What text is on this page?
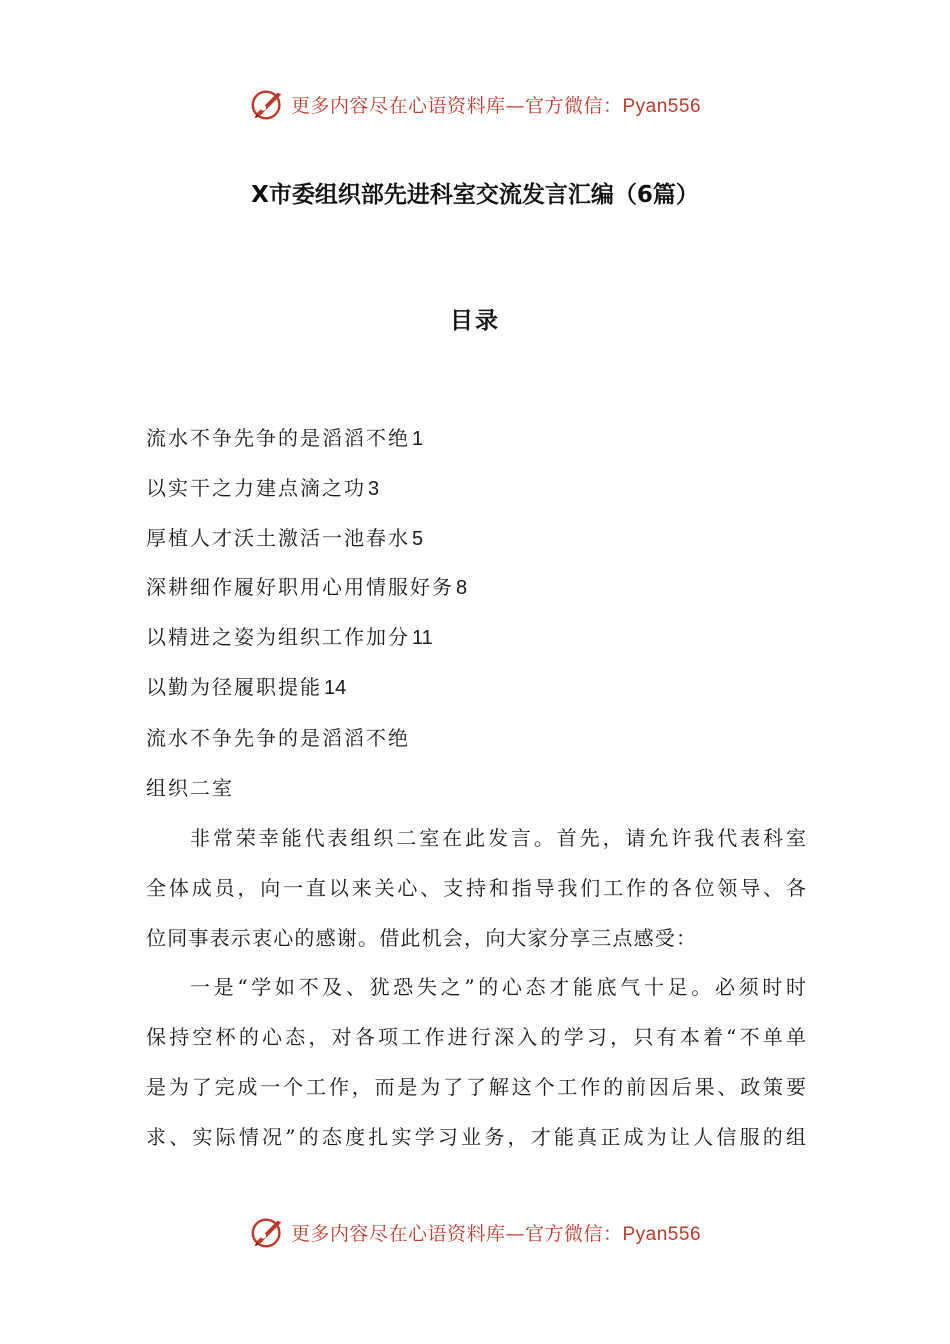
更多内容尽在心语资料库—官方微信：Pyan556
X市委组织部先进科室交流发言汇编（6篇）
目录
流水不争先争的是滔滔不绝 1
以实干之力建点滴之功 3
厚植人才沃土激活一池春水 5
深耕细作履好职用心用情服好务 8
以精进之姿为组织工作加分 11
以勤为径履职提能 14
流水不争先争的是滔滔不绝
组织二室
非常荣幸能代表组织二室在此发言。首先，请允许我代表科室
全体成员，向一直以来关心、支持和指导我们工作的各位领导、各
位同事表示衷心的感谢。借此机会，向大家分享三点感受：
一是“学如不及、犹恐失之”的心态才能底气十足。必须时时
保持空杯的心态，对各项工作进行深入的学习，只有本着“不单单
是为了完成一个工作，而是为了了解这个工作的前因后果、政策要
求、实际情况”的态度扎实学习业务，才能真正成为让人信服的组
更多内容尽在心语资料库—官方微信：Pyan556
